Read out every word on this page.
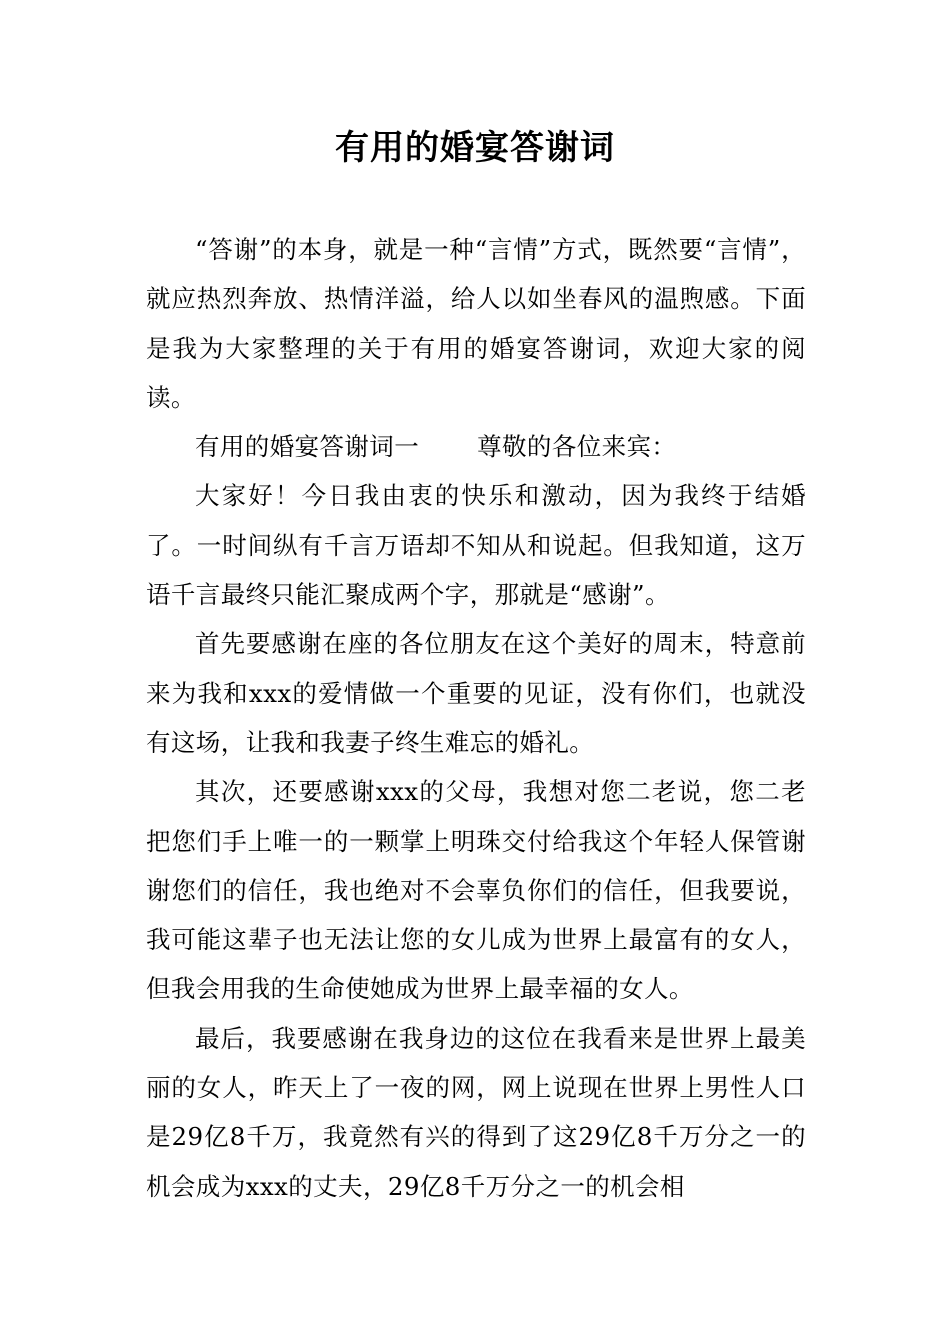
有用的婚宴答谢词

“答谢”的本身，就是一种“言情”方式，既然要“言情”，就应热烈奔放、热情洋溢，给人以如坐春风的温煦感。下面是我为大家整理的关于有用的婚宴答谢词，欢迎大家的阅读。

有用的婚宴答谢词一 尊敬的各位来宾：

大家好！今日我由衷的快乐和激动，因为我终于结婚了。一时间纵有千言万语却不知从和说起。但我知道，这万语千言最终只能汇聚成两个字，那就是“感谢”。

首先要感谢在座的各位朋友在这个美好的周末，特意前来为我和xxx的爱情做一个重要的见证，没有你们，也就没有这场，让我和我妻子终生难忘的婚礼。

其次，还要感谢xxx的父母，我想对您二老说，您二老把您们手上唯一的一颗掌上明珠交付给我这个年轻人保管谢谢您们的信任，我也绝对不会辜负你们的信任，但我要说，我可能这辈子也无法让您的女儿成为世界上最富有的女人，但我会用我的生命使她成为世界上最幸福的女人。

最后，我要感谢在我身边的这位在我看来是世界上最美丽的女人，昨天上了一夜的网，网上说现在世界上男性人口是29亿8千万，我竟然有兴的得到了这29亿8千万分之一的机会成为xxx的丈夫，29亿8千万分之一的机会相
